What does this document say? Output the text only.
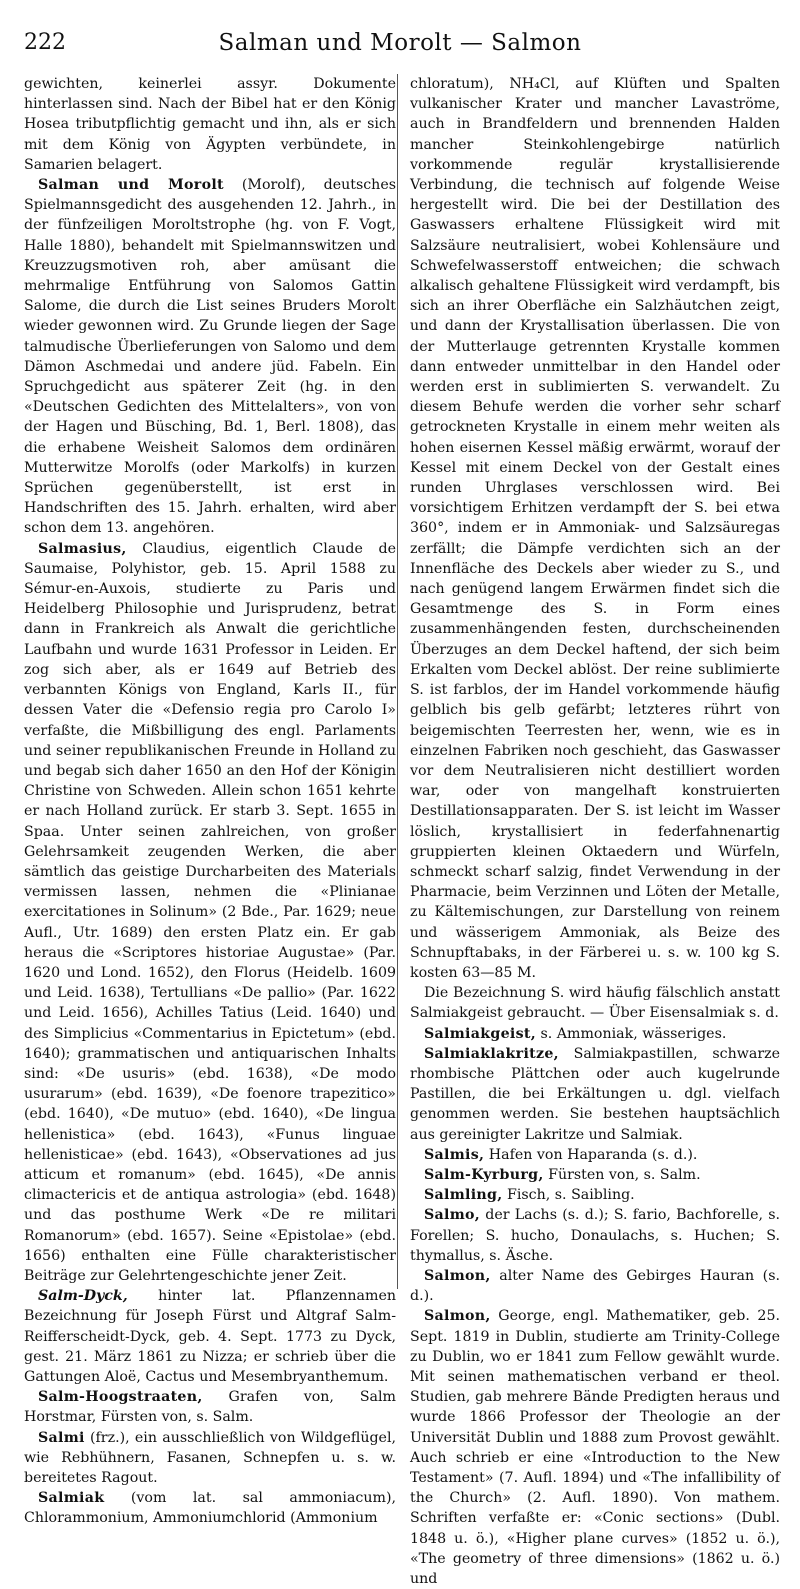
Salman und Morolt — Salmon
222

gewichten, keinerlei assyr. Dokumente hinterlassen sind. Nach der Bibel hat er den König Hosea tributpflichtig gemacht und ihn, als er sich mit dem König von Ägypten verbündete, in Samarien belagert.

Salman und Morolt (Morolf), deutsches Spielmannsgedicht des ausgehenden 12. Jahrh., in der fünfzeiligen Moroltstrophe (hg. von F. Vogt, Halle 1880), behandelt mit Spielmannswitzen und Kreuzzugsmotiven roh, aber amüsant die mehrmalige Entführung von Salomos Gattin Salome, die durch die List seines Bruders Morolt wieder gewonnen wird. Zu Grunde liegen der Sage talmudische Überlieferungen von Salomo und dem Dämon Aschmedai und andere jüd. Fabeln. Ein Spruchgedicht aus späterer Zeit (hg. in den «Deutschen Gedichten des Mittelalters», von von der Hagen und Büsching, Bd. 1, Berl. 1808), das die erhabene Weisheit Salomos dem ordinären Mutterwitze Morolfs (oder Markolfs) in kurzen Sprüchen gegenüberstellt, ist erst in Handschriften des 15. Jahrh. erhalten, wird aber schon dem 13. angehören.

Salmasius, Claudius, eigentlich Claude de Saumaise, Polyhistor, geb. 15. April 1588 zu Sémur-en-Auxois, studierte zu Paris und Heidelberg Philosophie und Jurisprudenz, betrat dann in Frankreich als Anwalt die gerichtliche Laufbahn und wurde 1631 Professor in Leiden. Er zog sich aber, als er 1649 auf Betrieb des verbannten Königs von England, Karls II., für dessen Vater die «Defensio regia pro Carolo I» verfaßte, die Mißbilligung des engl. Parlaments und seiner republikanischen Freunde in Holland zu und begab sich daher 1650 an den Hof der Königin Christine von Schweden. Allein schon 1651 kehrte er nach Holland zurück. Er starb 3. Sept. 1655 in Spaa. Unter seinen zahlreichen, von großer Gelehrsamkeit zeugenden Werken, die aber sämtlich das geistige Durcharbeiten des Materials vermissen lassen, nehmen die «Plinianae exercitationes in Solinum» (2 Bde., Par. 1629; neue Aufl., Utr. 1689) den ersten Platz ein. Er gab heraus die «Scriptores historiae Augustae» (Par. 1620 und Lond. 1652), den Florus (Heidelb. 1609 und Leid. 1638), Tertullians «De pallio» (Par. 1622 und Leid. 1656), Achilles Tatius (Leid. 1640) und des Simplicius «Commentarius in Epictetum» (ebd. 1640); grammatischen und antiquarischen Inhalts sind: «De usuris» (ebd. 1638), «De modo usurarum» (ebd. 1639), «De foenore trapezitico» (ebd. 1640), «De mutuo» (ebd. 1640), «De lingua hellenistica» (ebd. 1643), «Funus linguae hellenisticae» (ebd. 1643), «Observationes ad jus atticum et romanum» (ebd. 1645), «De annis climactericis et de antiqua astrologia» (ebd. 1648) und das posthume Werk «De re militari Romanorum» (ebd. 1657). Seine «Epistolae» (ebd. 1656) enthalten eine Fülle charakteristischer Beiträge zur Gelehrtengeschichte jener Zeit.

Salm-Dyck, hinter lat. Pflanzennamen Bezeichnung für Joseph Fürst und Altgraf Salm-Reifferscheidt-Dyck, geb. 4. Sept. 1773 zu Dyck, gest. 21. März 1861 zu Nizza; er schrieb über die Gattungen Aloë, Cactus und Mesembryanthemum.

Salm-Hoogstraaten, Grafen von, Salm Horstmar, Fürsten von, s. Salm.

Salmi (frz.), ein ausschließlich von Wildgeflügel, wie Rebhühnern, Fasanen, Schnepfen u. s. w. bereitetes Ragout.

Salmiak (vom lat. sal ammoniacum), Chlorammonium, Ammoniumchlorid (Ammonium

chloratum), NH₄Cl, auf Klüften und Spalten vulkanischer Krater und mancher Lavaströme, auch in Brandfeldern und brennenden Halden mancher Steinkohlengebirge natürlich vorkommende regulär krystallisierende Verbindung, die technisch auf folgende Weise hergestellt wird. Die bei der Destillation des Gaswassers erhaltene Flüssigkeit wird mit Salzsäure neutralisiert, wobei Kohlensäure und Schwefelwasserstoff entweichen; die schwach alkalisch gehaltene Flüssigkeit wird verdampft, bis sich an ihrer Oberfläche ein Salzhäutchen zeigt, und dann der Krystallisation überlassen. Die von der Mutterlauge getrennten Krystalle kommen dann entweder unmittelbar in den Handel oder werden erst in sublimierten S. verwandelt. Zu diesem Behufe werden die vorher sehr scharf getrockneten Krystalle in einem mehr weiten als hohen eisernen Kessel mäßig erwärmt, worauf der Kessel mit einem Deckel von der Gestalt eines runden Uhrglases verschlossen wird. Bei vorsichtigem Erhitzen verdampft der S. bei etwa 360°, indem er in Ammoniak- und Salzsäuregas zerfällt; die Dämpfe verdichten sich an der Innenfläche des Deckels aber wieder zu S., und nach genügend langem Erwärmen findet sich die Gesamtmenge des S. in Form eines zusammenhängenden festen, durchscheinenden Überzuges an dem Deckel haftend, der sich beim Erkalten vom Deckel ablöst. Der reine sublimierte S. ist farblos, der im Handel vorkommende häufig gelblich bis gelb gefärbt; letzteres rührt von beigemischten Teerresten her, wenn, wie es in einzelnen Fabriken noch geschieht, das Gaswasser vor dem Neutralisieren nicht destilliert worden war, oder von mangelhaft konstruierten Destillationsapparaten. Der S. ist leicht im Wasser löslich, krystallisiert in federfahnenartig gruppierten kleinen Oktaedern und Würfeln, schmeckt scharf salzig, findet Verwendung in der Pharmacie, beim Verzinnen und Löten der Metalle, zu Kältemischungen, zur Darstellung von reinem und wässerigem Ammoniak, als Beize des Schnupftabaks, in der Färberei u. s. w. 100 kg S. kosten 63—85 M.

Die Bezeichnung S. wird häufig fälschlich anstatt Salmiakgeist gebraucht. — Über Eisensalmiak s. d.

Salmiakgeist, s. Ammoniak, wässeriges.

Salmiaklakritze, Salmiakpastillen, schwarze rhombische Plättchen oder auch kugelrunde Pastillen, die bei Erkältungen u. dgl. vielfach genommen werden. Sie bestehen hauptsächlich aus gereinigter Lakritze und Salmiak.

Salmis, Hafen von Haparanda (s. d.).

Salm-Kyrburg, Fürsten von, s. Salm.

Salmling, Fisch, s. Saibling.

Salmo, der Lachs (s. d.); S. fario, Bachforelle, s. Forellen; S. hucho, Donaulachs, s. Huchen; S. thymallus, s. Äsche.

Salmon, alter Name des Gebirges Hauran (s. d.).

Salmon, George, engl. Mathematiker, geb. 25. Sept. 1819 in Dublin, studierte am Trinity-College zu Dublin, wo er 1841 zum Fellow gewählt wurde. Mit seinen mathematischen verband er theol. Studien, gab mehrere Bände Predigten heraus und wurde 1866 Professor der Theologie an der Universität Dublin und 1888 zum Provost gewählt. Auch schrieb er eine «Introduction to the New Testament» (7. Aufl. 1894) und «The infallibility of the Church» (2. Aufl. 1890). Von mathem. Schriften verfaßte er: «Conic sections» (Dubl. 1848 u. ö.), «Higher plane curves» (1852 u. ö.), «The geometry of three dimensions» (1862 u. ö.) und
